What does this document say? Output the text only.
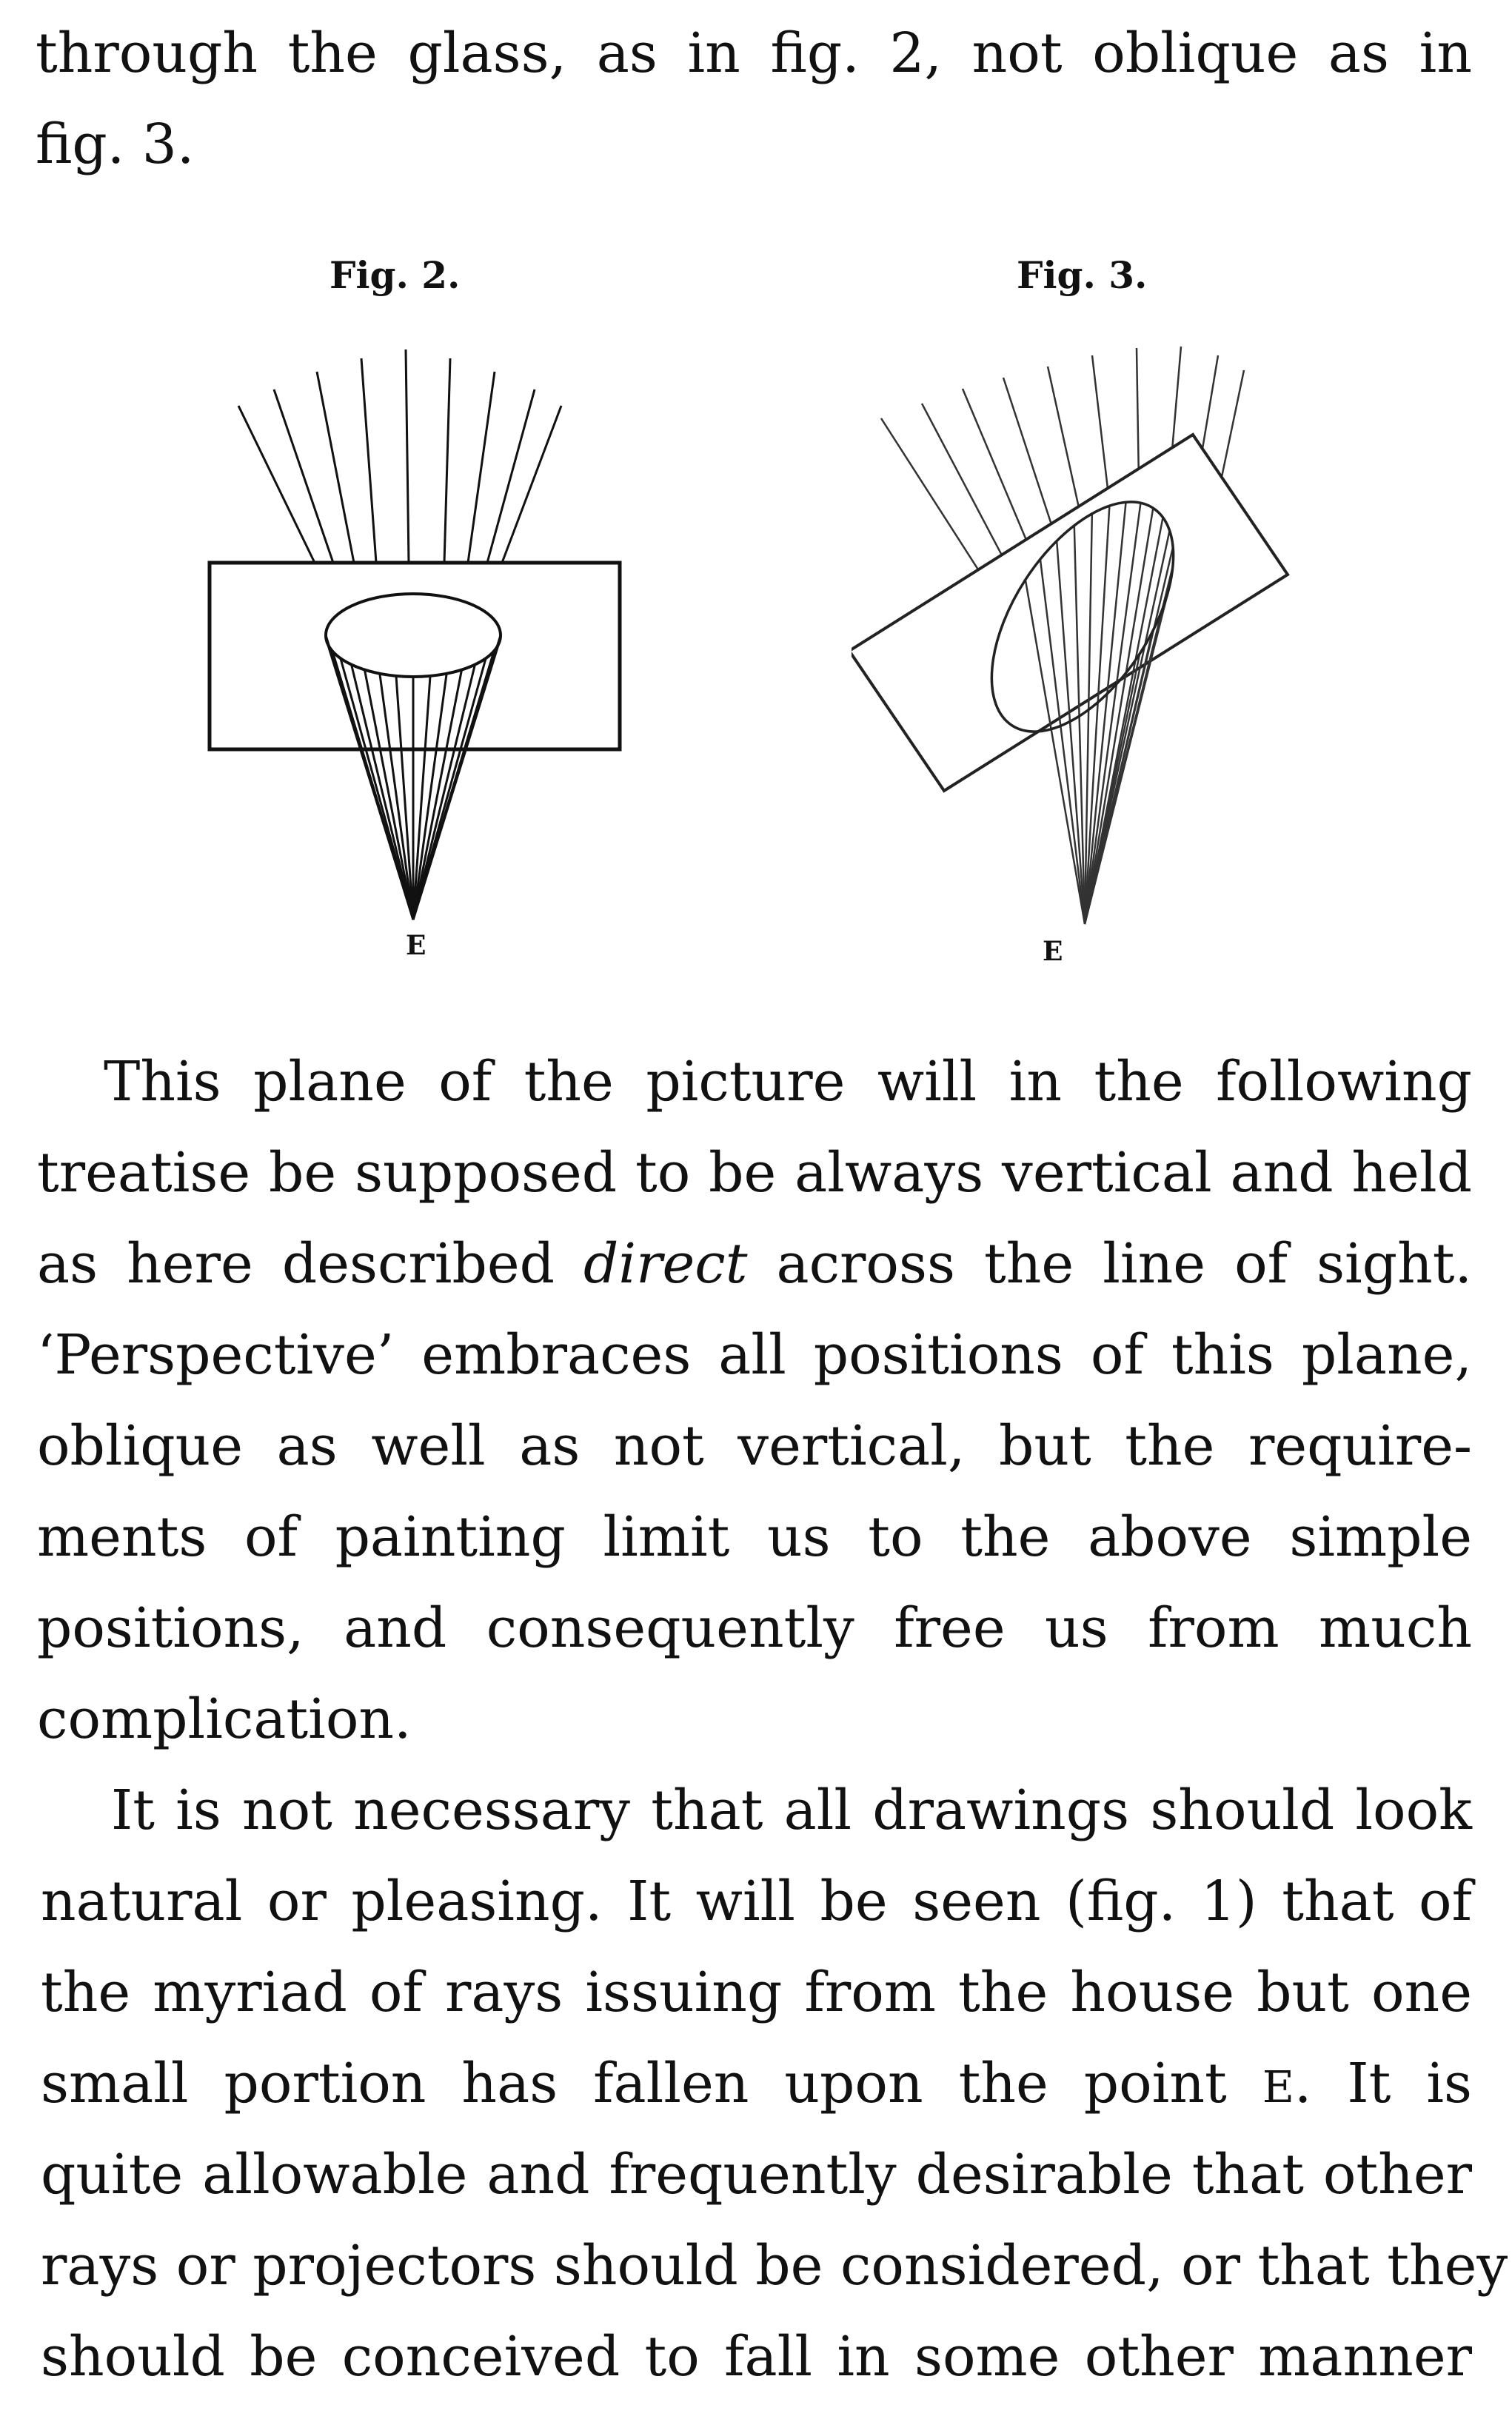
through the glass, as in fig. 2, not oblique as in
fig. 3.
Fig. 2.	Fig. 3.
E	E
This plane of the picture will in the following
treatise be supposed to be always vertical and held
as here described direct across the line of sight.
‘Perspective’ embraces all positions of this plane,
oblique as well as not vertical, but the require-
ments of painting limit us to the above simple
positions, and consequently free us from much
complication.
It is not necessary that all drawings should look
natural or pleasing. It will be seen (fig. 1) that of
the myriad of rays issuing from the house but one
small portion has fallen upon the point E. It is
quite allowable and frequently desirable that other
rays or projectors should be considered, or that they
should be conceived to fall in some other manner
